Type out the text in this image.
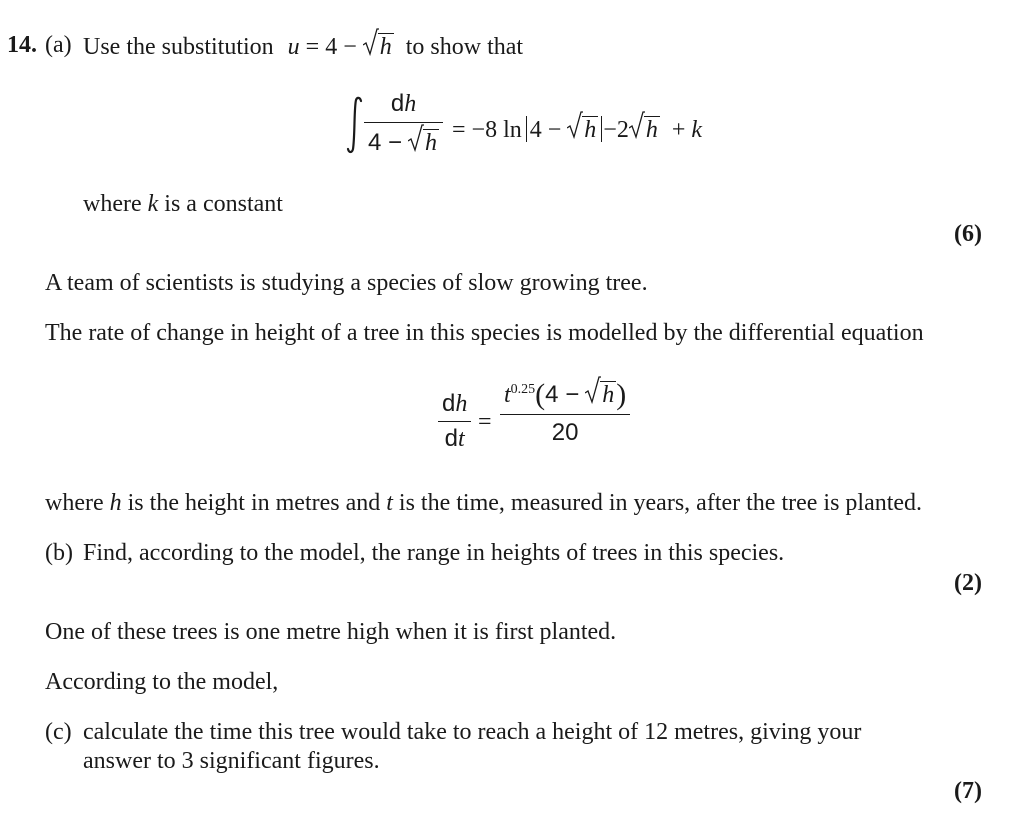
14. (a) Use the substitution u = 4 − h to show that
$\frac{dh}{4 - h} = -8$ ln 4 − h −2 h + k
where k is a constant
(6)
A team of scientists is studying a species of slow growing tree.
The rate of change in height of a tree in this species is modelled by the differential equation
$\frac{dh}{dt} = \frac{t^{0.25}(4 - h)}{20}$
where h is the height in metres and t is the time, measured in years, after the tree is planted.
(b) Find, according to the model, the range in heights of trees in this species.
(2)
One of these trees is one metre high when it is first planted.
According to the model,
(c) calculate the time this tree would take to reach a height of 12 metres, giving your
answer to 3 significant figures.
(7)
